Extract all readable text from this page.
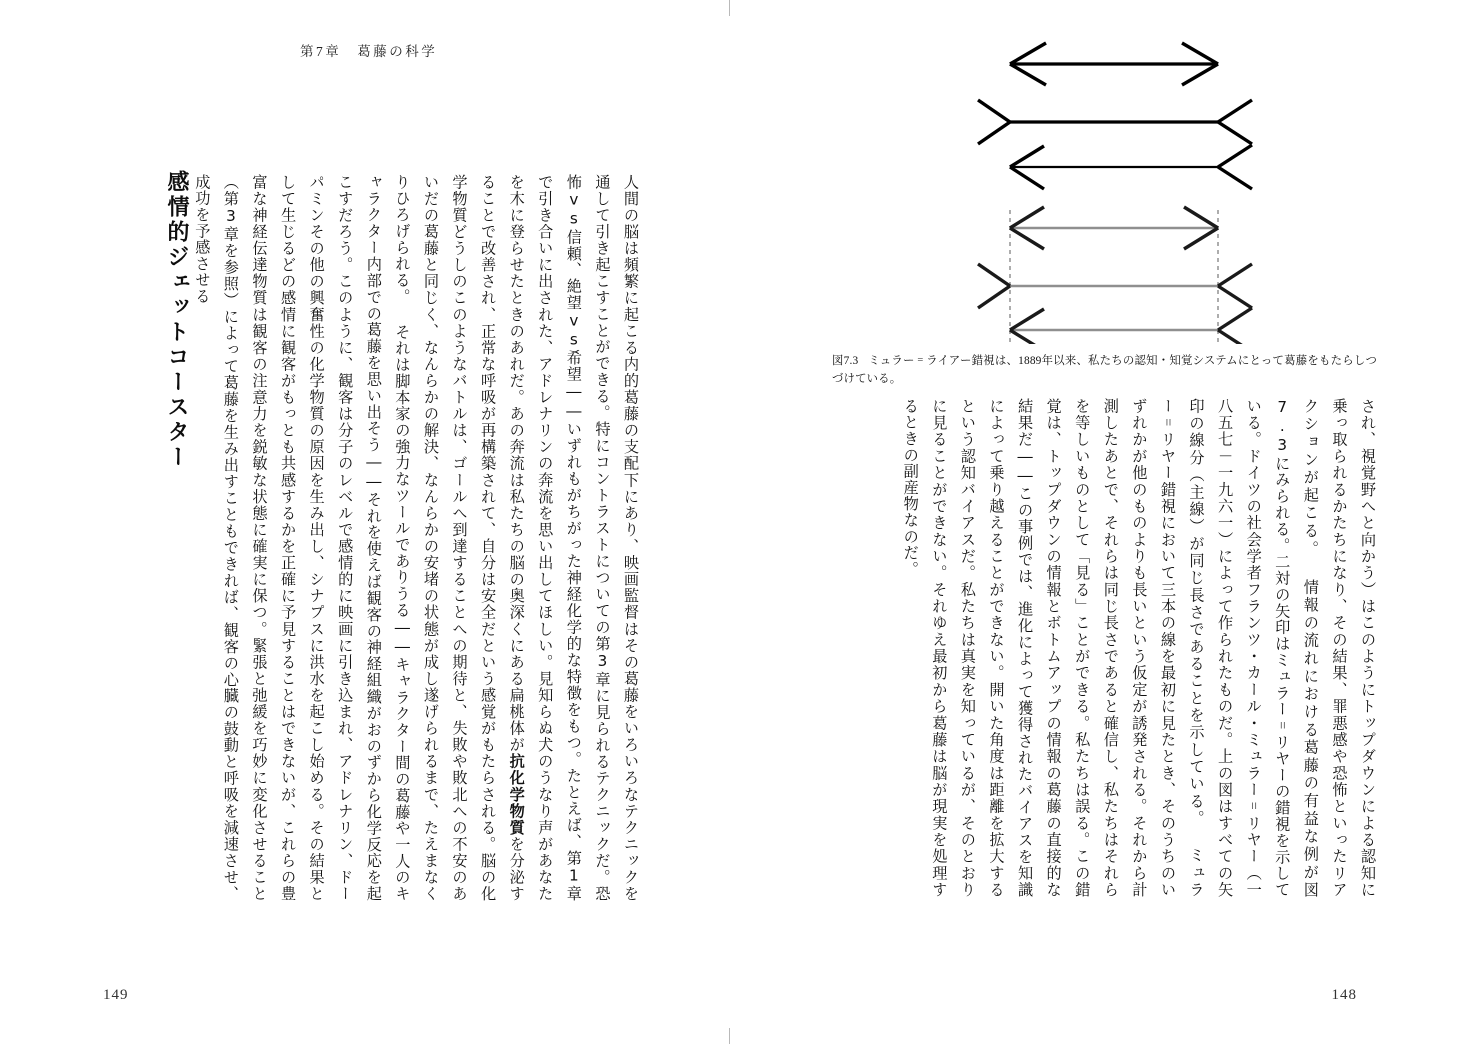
図7.3 ミュラー゠ライアー錯視は、1889年以来、私たちの認知・知覚システムにとって葛藤をもたらしつづけている。
され、視覚野へと向かう）はこのようにトップダウンによる認知に乗っ取られるかたちになり、その結果、罪悪感や恐怖といったリアクションが起こる。 情報の流れにおける葛藤の有益な例が図7.3にみられる。二対の矢印はミュラー゠リヤーの錯視を示している。ドイツの社会学者フランツ・カール・ミュラー゠リヤー（一八五七－一九六一）によって作られたものだ。上の図はすべての矢印の線分（主線）が同じ長さであることを示している。 ミュラー゠リヤー錯視において三本の線を最初に見たとき、そのうちのいずれかが他のものよりも長いという仮定が誘発される。それから計測したあとで、それらは同じ長さであると確信し、私たちはそれらを等しいものとして「見る」ことができる。私たちは誤る。この錯覚は、トップダウンの情報とボトムアップの情報の葛藤の直接的な結果だ――この事例では、進化によって獲得されたバイアスを知識によって乗り越えることができない。開いた角度は距離を拡大するという認知バイアスだ。私たちは真実を知っているが、そのとおりに見ることができない。それゆえ最初から葛藤は脳が現実を処理するときの副産物なのだ。
148
第7章　葛藤の科学
感情的ジェットコースター	人間の脳は頻繁に起こる内的葛藤の支配下にあり、映画監督はその葛藤をいろいろなテクニックを通して引き起こすことができる。特にコントラストについての第3章に見られるテクニックだ。恐怖vs信頼、絶望vs希望――いずれもがちがった神経化学的な特徴をもつ。たとえば、第1章で引き合いに出された、アドレナリンの奔流を思い出してほしい。見知らぬ犬のうなり声があなたを木に登らせたときのあれだ。あの奔流は私たちの脳の奥深くにある扁桃体が抗化学物質を分泌することで改善され、正常な呼吸が再構築されて、自分は安全だという感覚がもたらされる。脳の化学物質どうしのこのようなバトルは、ゴールへ到達することへの期待と、失敗や敗北への不安のあいだの葛藤と同じく、なんらかの解決、なんらかの安堵の状態が成し遂げられるまで、たえまなくりひろげられる。 それは脚本家の強力なツールでありうる――キャラクター間の葛藤や一人のキャラクター内部での葛藤を思い出そう――それを使えば観客の神経組織がおのずから化学反応を起こすだろう。このように、観客は分子のレベルで感情的に映画に引き込まれ、アドレナリン、ドーパミンその他の興奮性の化学物質の原因を生み出し、シナプスに洪水を起こし始める。その結果として生じるどの感情に観客がもっとも共感するかを正確に予見することはできないが、これらの豊富な神経伝達物質は観客の注意力を鋭敏な状態に確実に保つ。緊張と弛緩を巧妙に変化させること（第3章を参照）によって葛藤を生み出すこともできれば、観客の心臓の鼓動と呼吸を減速させ、成功を予感させる
149
